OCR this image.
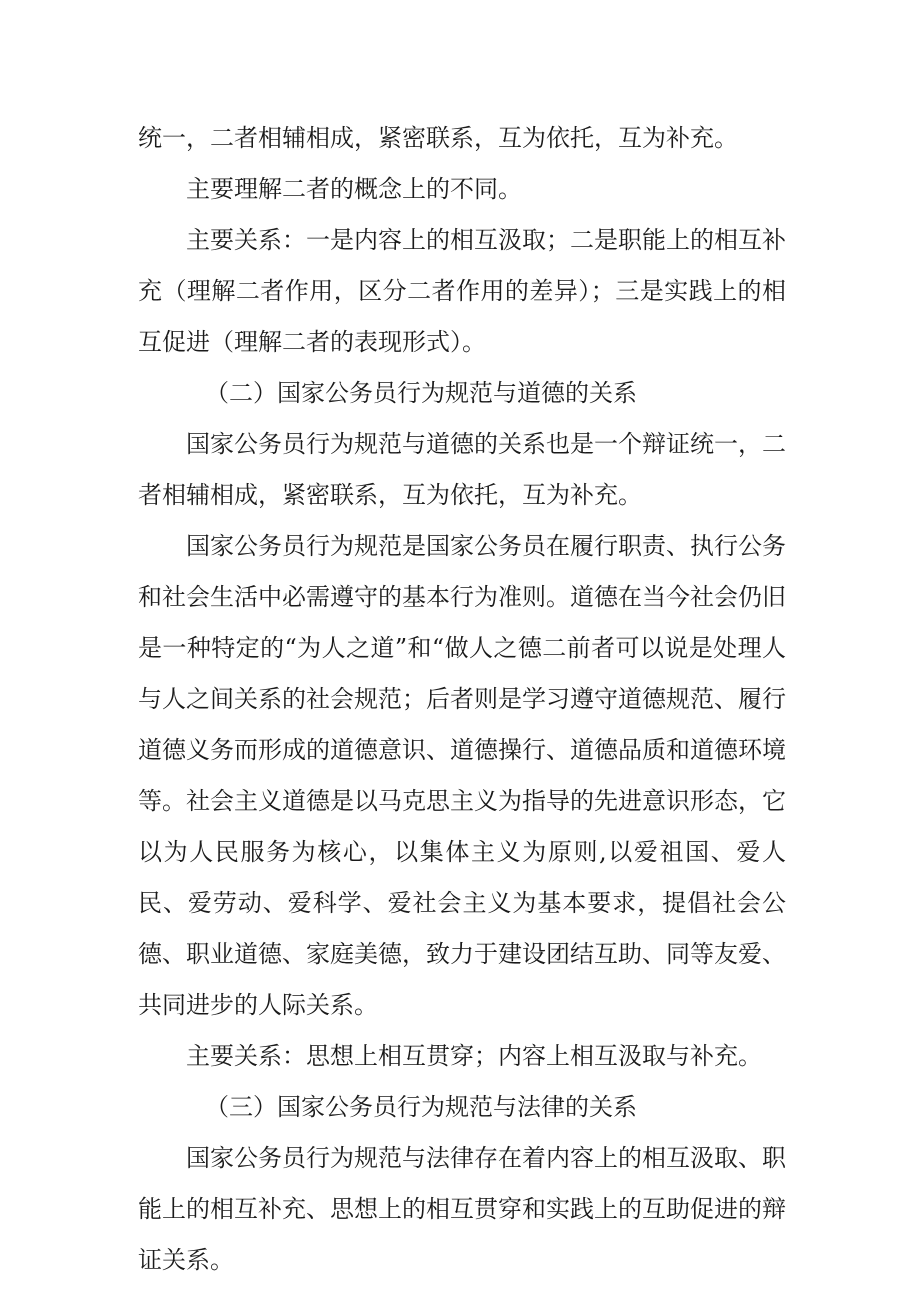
统一，二者相辅相成，紧密联系，互为依托，互为补充。

主要理解二者的概念上的不同。

主要关系：一是内容上的相互汲取；二是职能上的相互补充（理解二者作用，区分二者作用的差异）；三是实践上的相互促进（理解二者的表现形式）。

（二）国家公务员行为规范与道德的关系

国家公务员行为规范与道德的关系也是一个辩证统一，二者相辅相成，紧密联系，互为依托，互为补充。

国家公务员行为规范是国家公务员在履行职责、执行公务和社会生活中必需遵守的基本行为准则。道德在当今社会仍旧是一种特定的“为人之道”和“做人之德二前者可以说是处理人与人之间关系的社会规范；后者则是学习遵守道德规范、履行道德义务而形成的道德意识、道德操行、道德品质和道德环境等。社会主义道德是以马克思主义为指导的先进意识形态，它以为人民服务为核心，以集体主义为原则,以爱祖国、爱人民、爱劳动、爱科学、爱社会主义为基本要求，提倡社会公德、职业道德、家庭美德，致力于建设团结互助、同等友爱、共同进步的人际关系。

主要关系：思想上相互贯穿；内容上相互汲取与补充。

（三）国家公务员行为规范与法律的关系

国家公务员行为规范与法律存在着内容上的相互汲取、职能上的相互补充、思想上的相互贯穿和实践上的互助促进的辩证关系。
